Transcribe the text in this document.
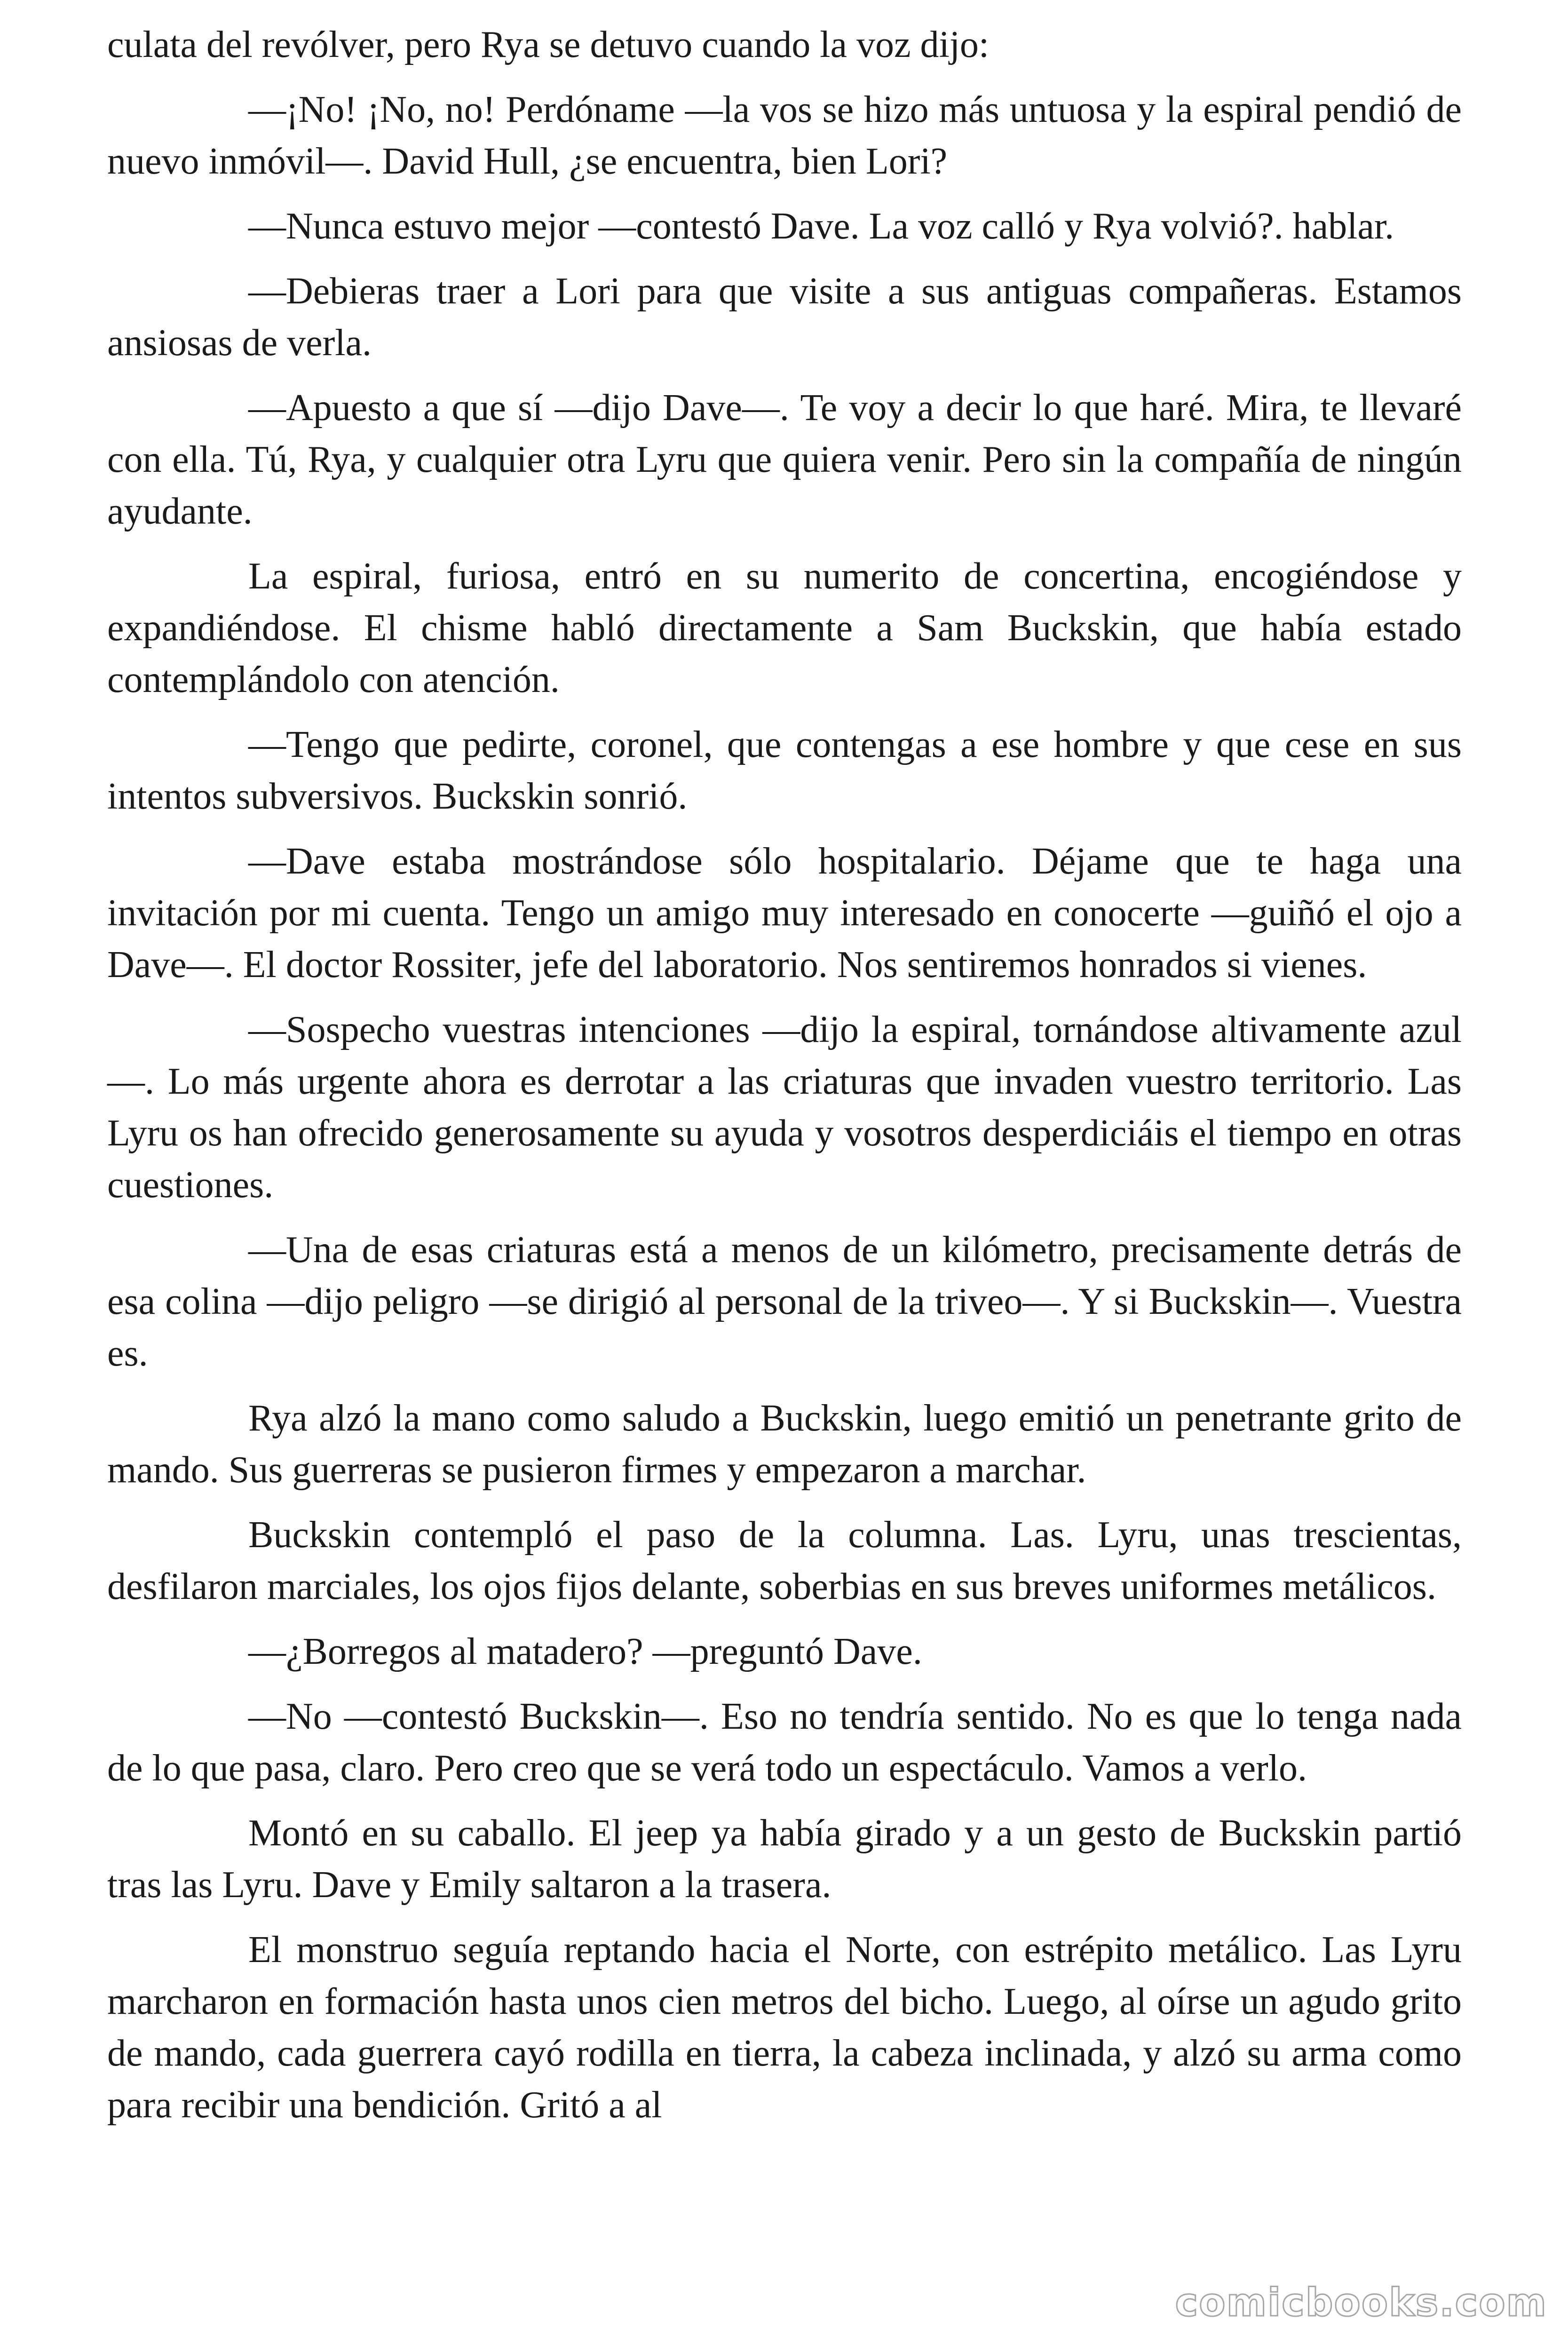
culata del revólver, pero Rya se detuvo cuando la voz dijo:

—¡No! ¡No, no! Perdóname —la vos se hizo más untuosa y la espiral pendió de nuevo inmóvil—. David Hull, ¿se encuentra, bien Lori?

—Nunca estuvo mejor —contestó Dave. La voz calló y Rya volvió?. hablar.

—Debieras traer a Lori para que visite a sus antiguas compañeras. Estamos ansiosas de verla.

—Apuesto a que sí —dijo Dave—. Te voy a decir lo que haré. Mira, te llevaré con ella. Tú, Rya, y cualquier otra Lyru que quiera venir. Pero sin la compañía de ningún ayudante.

La espiral, furiosa, entró en su numerito de concertina, encogiéndose y expandiéndose. El chisme habló directamente a Sam Buckskin, que había estado contemplándolo con atención.

—Tengo que pedirte, coronel, que contengas a ese hombre y que cese en sus intentos subversivos. Buckskin sonrió.

—Dave estaba mostrándose sólo hospitalario. Déjame que te haga una invitación por mi cuenta. Tengo un amigo muy interesado en conocerte —guiñó el ojo a Dave—. El doctor Rossiter, jefe del laboratorio. Nos sentiremos honrados si vienes.

—Sospecho vuestras intenciones —dijo la espiral, tornándose altivamente azul—. Lo más urgente ahora es derrotar a las criaturas que invaden vuestro territorio. Las Lyru os han ofrecido generosamente su ayuda y vosotros desperdiciáis el tiempo en otras cuestiones.

—Una de esas criaturas está a menos de un kilómetro, precisamente detrás de esa colina —dijo peligro —se dirigió al personal de la triveo—. Y si Buckskin—. Vuestra es.

Rya alzó la mano como saludo a Buckskin, luego emitió un penetrante grito de mando. Sus guerreras se pusieron firmes y empezaron a marchar.

Buckskin contempló el paso de la columna. Las. Lyru, unas trescientas, desfilaron marciales, los ojos fijos delante, soberbias en sus breves uniformes metálicos.

—¿Borregos al matadero? —preguntó Dave.

—No —contestó Buckskin—. Eso no tendría sentido. No es que lo tenga nada de lo que pasa, claro. Pero creo que se verá todo un espectáculo. Vamos a verlo.

Montó en su caballo. El jeep ya había girado y a un gesto de Buckskin partió tras las Lyru. Dave y Emily saltaron a la trasera.

El monstruo seguía reptando hacia el Norte, con estrépito metálico. Las Lyru marcharon en formación hasta unos cien metros del bicho. Luego, al oírse un agudo grito de mando, cada guerrera cayó rodilla en tierra, la cabeza inclinada, y alzó su arma como para recibir una bendición. Gritó a al

comicbooks.com
